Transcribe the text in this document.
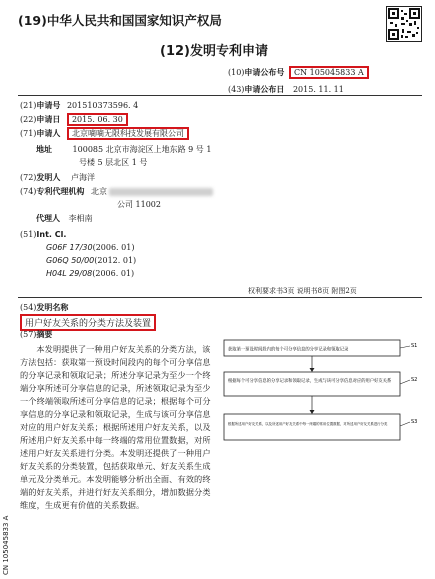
(19)中华人民共和国国家知识产权局
(12)发明专利申请
(10)申请公布号 CN 105045833 A
(43)申请公布日 2015. 11. 11
(21)申请号 201510373596. 4
(22)申请日 2015. 06. 30
(71)申请人 北京嘀嘀无限科技发展有限公司
地址	100085 北京市海淀区上地东路 9 号 1
号楼 5 层北区 1 号
(72)发明人 卢海洋
(74)专利代理机构 北京
公司 11002
代理人 李相南
(51)Int. Cl.
G06F 17/30(2006. 01)
G06Q 50/00(2012. 01)
H04L 29/08(2006. 01)
权利要求书3页 说明书8页 附图2页
(54)发明名称
用户好友关系的分类方法及装置
(57)摘要
本发明提供了一种用户好友关系的分类方法，该方法包括：获取第一预设时间段内的每个可分享信息的分享记录和领取记录；所述分享记录为至少一个终端分享所述可分享信息的记录，所述领取记录为至少一个终端领取所述可分享信息的记录；根据每个可分享信息的分享记录和领取记录，生成与该可分享信息对应的用户好友关系；根据所述用户好友关系，以及所述用户好友关系中每一终端的常用位置数据，对所述用户好友关系进行分类。本发明还提供了一种用户好友关系的分类装置，包括获取单元、好友关系生成单元及分类单元。本发明能够分析出全面、有效的终端的好友关系，并进行好友关系细分，增加数据分类维度，生成更有价值的关系数据。
获取第一预设时间段内的每个可分享信息的分享记录和领取记录
S1
根据每个可分享信息的分享记录和领取记录，生成与该可分享信息对应的用户好友关系	S2
根据所述用户好友关系，以及所述用户好友关系中每一终端的常用位置数据，对所述用户好友关系进行分类	S3
CN 105045833 A
